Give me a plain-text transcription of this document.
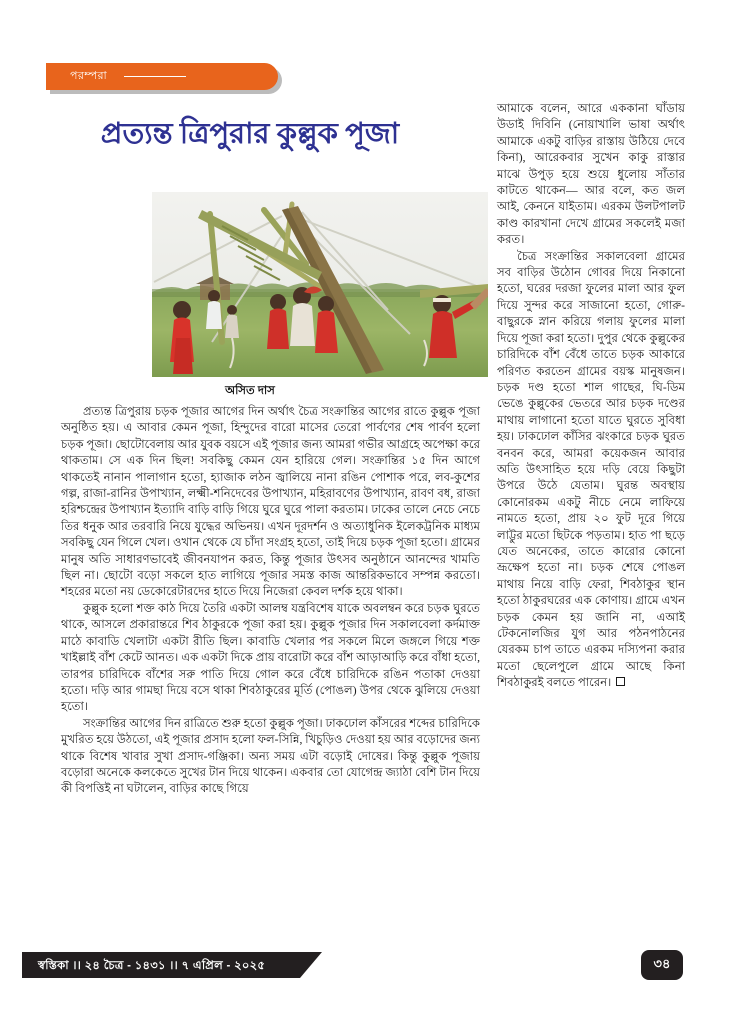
পরম্পরা
প্রত্যন্ত ত্রিপুরার কুল্লুক পূজা
অসিত দাস

প্রত্যন্ত ত্রিপুরায় চড়ক পূজার আগের দিন অর্থাৎ চৈত্র সংক্রান্তির আগের রাতে কুল্লুক পূজা অনুষ্ঠিত হয়। এ আবার কেমন পূজা, হিন্দুদের বারো মাসের তেরো পার্বণের শেষ পার্বণ হলো চড়ক পূজা। ছোটোবেলায় আর যুবক বয়সে এই পূজার জন্য আমরা গভীর আগ্রহে অপেক্ষা করে থাকতাম। সে এক দিন ছিল! সবকিছু কেমন যেন হারিয়ে গেল। সংক্রান্তির ১৫ দিন আগে থাকতেই নানান পালাগান হতো, হ্যাজাক লঠন জ্বালিয়ে নানা রঙিন পোশাক পরে, লব-কুশের গল্প, রাজা-রানির উপাখ্যান, লক্ষ্মী-শনিদেবের উপাখ্যান, মহিরাবণের উপাখ্যান, রাবণ বধ, রাজা হরিশ্চন্দ্রের উপাখ্যান ইত্যাদি বাড়ি বাড়ি গিয়ে ঘুরে ঘুরে পালা করতাম। ঢাকের তালে নেচে নেচে তির ধনুক আর তরবারি নিয়ে যুদ্ধের অভিনয়। এখন দূরদর্শন ও অত্যাধুনিক ইলেকট্রনিক মাধ্যম সবকিছু যেন গিলে খেল। ওখান থেকে যে চাঁদা সংগ্রহ হতো, তাই দিয়ে চড়ক পূজা হতো। গ্রামের মানুষ অতি সাধারণভাবেই জীবনযাপন করত, কিন্তু পূজার উৎসব অনুষ্ঠানে আনন্দের খামতি ছিল না। ছোটো বড়ো সকলে হাত লাগিয়ে পূজার সমস্ত কাজ আন্তরিকভাবে সম্পন্ন করতো। শহরের মতো নয় ডেকোরেটারদের হাতে দিয়ে নিজেরা কেবল দর্শক হয়ে থাকা।

কুল্লুক হলো শক্ত কাঠ দিয়ে তৈরি একটা আলম্ব যন্ত্রবিশেষ যাকে অবলম্বন করে চড়ক ঘুরতে থাকে, আসলে প্রকারান্তরে শিব ঠাকুরকে পূজা করা হয়। কুল্লুক পূজার দিন সকালবেলা কর্দমাক্ত মাঠে কাবাডি খেলাটা একটা রীতি ছিল। কাবাডি খেলার পর সকলে মিলে জঙ্গলে গিয়ে শক্ত খাইল্লাই বাঁশ কেটে আনত। এক একটা দিকে প্রায় বারোটা করে বাঁশ আড়াআড়ি করে বাঁধা হতো, তারপর চারিদিকে বাঁশের সরু পাতি দিয়ে গোল করে বেঁধে চারিদিকে রঙিন পতাকা দেওয়া হতো। দড়ি আর গামছা দিয়ে বসে থাকা শিবঠাকুরের মূর্তি (পোঙল) উপর থেকে ঝুলিয়ে দেওয়া হতো।

সংক্রান্তির আগের দিন রাত্রিতে শুরু হতো কুল্লুক পূজা। ঢাকঢোল কাঁসরের শব্দের চারিদিকে মুখরিত হয়ে উঠতো, এই পূজার প্রসাদ হলো ফল-সিন্নি, খিচুড়িও দেওয়া হয় আর বড়োদের জন্য থাকে বিশেষ খাবার সুখা প্রসাদ-গঞ্জিকা। অন্য সময় এটা বড়োই দোষের। কিন্তু কুল্লুক পূজায় বড়োরা অনেকে কলকেতে সুখের টান দিয়ে থাকেন। একবার তো যোগেন্দ্র জ্যাঠা বেশি টান দিয়ে কী বিপত্তিই না ঘটালেন, বাড়ির কাছে গিয়ে

আমাকে বলেন, আরে এককানা ঘাঁডায় উডাই দিবিনি (নোয়াখালি ভাষা অর্থাৎ আমাকে একটু বাড়ির রাস্তায় উঠিয়ে দেবে কিনা), আরেকবার সুখেন কাকু রাস্তার মাঝে উপুড় হয়ে শুয়ে ধুলোয় সাঁতার কাটতে থাকেন— আর বলে, কত জল আই, কেননে যাইতাম। এরকম উলটপালট কাণ্ড কারখানা দেখে গ্রামের সকলেই মজা করত।

চৈত্র সংক্রান্তির সকালবেলা গ্রামের সব বাড়ির উঠোন গোবর দিয়ে নিকানো হতো, ঘরের দরজা ফুলের মালা আর ফুল দিয়ে সুন্দর করে সাজানো হতো, গোরু-বাছুরকে স্নান করিয়ে গলায় ফুলের মালা দিয়ে পূজা করা হতো। দুপুর থেকে কুল্লুকের চারিদিকে বাঁশ বেঁধে তাতে চড়ক আকারে পরিণত করতেন গ্রামের বয়স্ক মানুষজন। চড়ক দণ্ড হতো শাল গাছের, ঘি-ডিম ভেঙে কুল্লুকের ভেতরে আর চড়ক দণ্ডের মাথায় লাগানো হতো যাতে ঘুরতে সুবিধা হয়। ঢাকঢোল কাঁসির ঝংকারে চড়ক ঘুরত বনবন করে, আমরা কয়েকজন আবার অতি উৎসাহিত হয়ে দড়ি বেয়ে কিছুটা উপরে উঠে যেতাম। ঘুরন্ত অবস্থায় কোনোরকম একটু নীচে নেমে লাফিয়ে নামতে হতো, প্রায় ২০ ফুট দূরে গিয়ে লাট্টুর মতো ছিটকে পড়তাম। হাত পা ছড়ে যেত অনেকের, তাতে কারোর কোনো ভ্রূক্ষেপ হতো না। চড়ক শেষে পোঙল মাথায় নিয়ে বাড়ি ফেরা, শিবঠাকুর স্থান হতো ঠাকুরঘরের এক কোণায়। গ্রামে এখন চড়ক কেমন হয় জানি না, এআই টেকনোলজির যুগ আর পঠনপাঠনের যেরকম চাপ তাতে এরকম দস্যিপনা করার মতো ছেলেপুলে গ্রামে আছে কিনা শিবঠাকুরই বলতে পারেন।

স্বস্তিকা ।। ২৪ চৈত্র - ১৪৩১ ।। ৭ এপ্রিল - ২০২৫	৩৪
